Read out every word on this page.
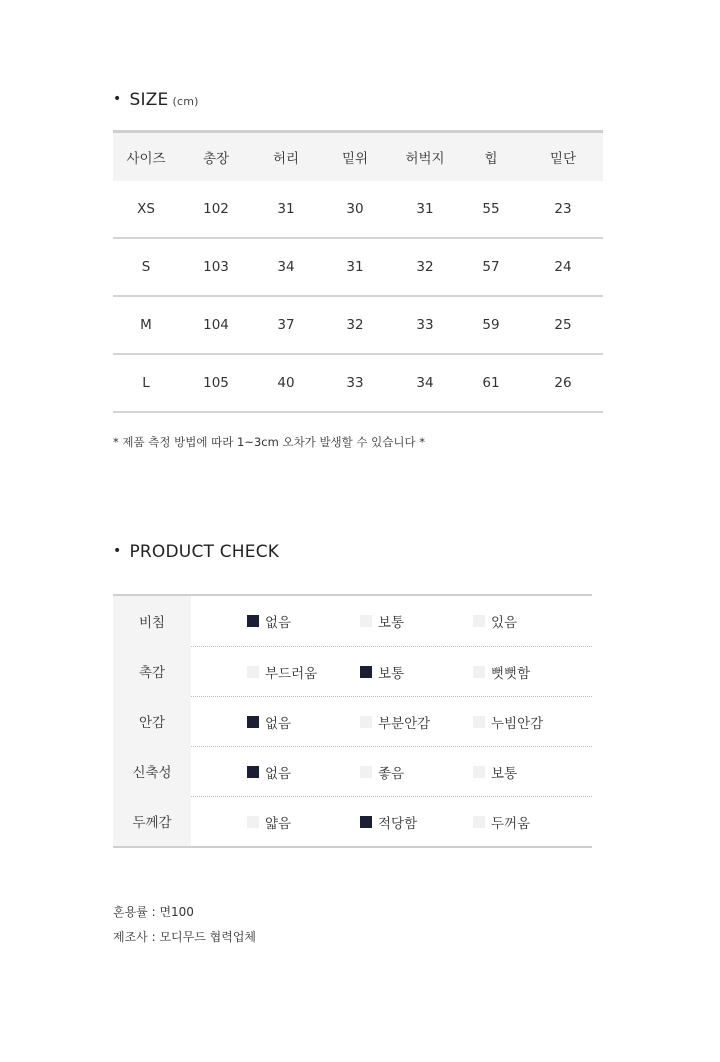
• SIZE (cm)
사이즈	총장	허리	밑위	허벅지	힙	밑단
XS	102	31	30	31	55	23
S	103	34	31	32	57	24
M	104	37	32	33	59	25
L	105	40	33	34	61	26
* 제품 측정 방법에 따라 1~3cm 오차가 발생할 수 있습니다 *
• PRODUCT CHECK
비침	없음	보통	있음
촉감	부드러움	보통	뻣뻣함
안감	없음	부분안감	누빔안감
신축성	없음	좋음	보통
두께감	얇음	적당함	두꺼움
혼용률 : 면100
제조사 : 모디무드 협력업체
